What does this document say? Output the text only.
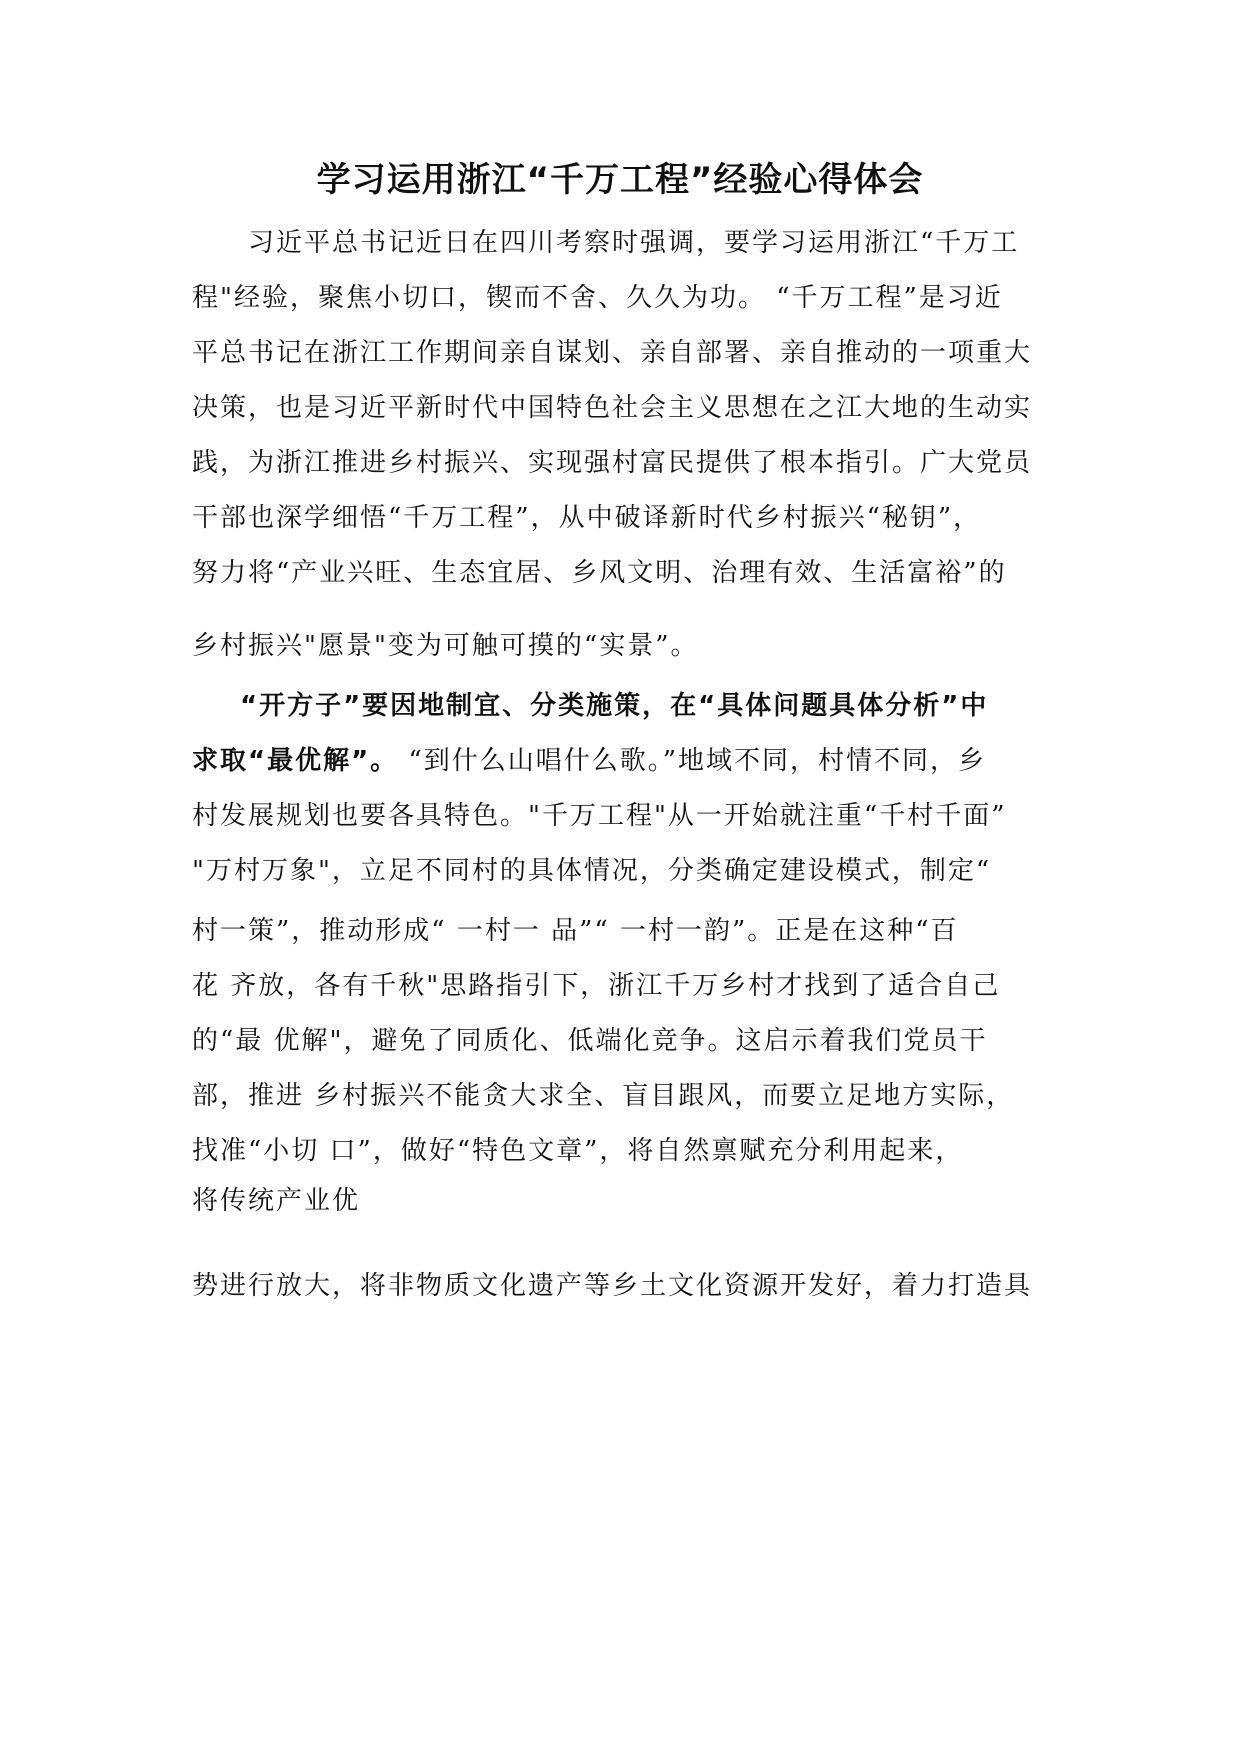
学习运用浙江“千万工程”经验心得体会

习近平总书记近日在四川考察时强调，要学习运用浙江“千万工

程"经验，聚焦小切口，锲而不舍、久久为功。 “千万工程”是习近

平总书记在浙江工作期间亲自谋划、亲自部署、亲自推动的一项重大

决策，也是习近平新时代中国特色社会主义思想在之江大地的生动实

践，为浙江推进乡村振兴、实现强村富民提供了根本指引。广大党员

干部也深学细悟“千万工程”，从中破译新时代乡村振兴“秘钥”，

努力将“产业兴旺、生态宜居、乡风文明、治理有效、生活富裕”的

乡村振兴"愿景"变为可触可摸的“实景”。

“开方子”要因地制宜、分类施策，在“具体问题具体分析”中

求取“最优解”。 “到什么山唱什么歌。”地域不同，村情不同，乡

村发展规划也要各具特色。"千万工程"从一开始就注重“千村千面”

"万村万象"，立足不同村的具体情况，分类确定建设模式，制定“

村一策”，推动形成“ 一村一 品”“ 一村一韵”。正是在这种“百

花 齐放，各有千秋"思路指引下，浙江千万乡村才找到了适合自己

的“最 优解"，避免了同质化、低端化竞争。这启示着我们党员干

部，推进 乡村振兴不能贪大求全、盲目跟风，而要立足地方实际，

找准“小切 口”，做好“特色文章”，将自然禀赋充分利用起来，

将传统产业优

势进行放大，将非物质文化遗产等乡土文化资源开发好，着力打造具
